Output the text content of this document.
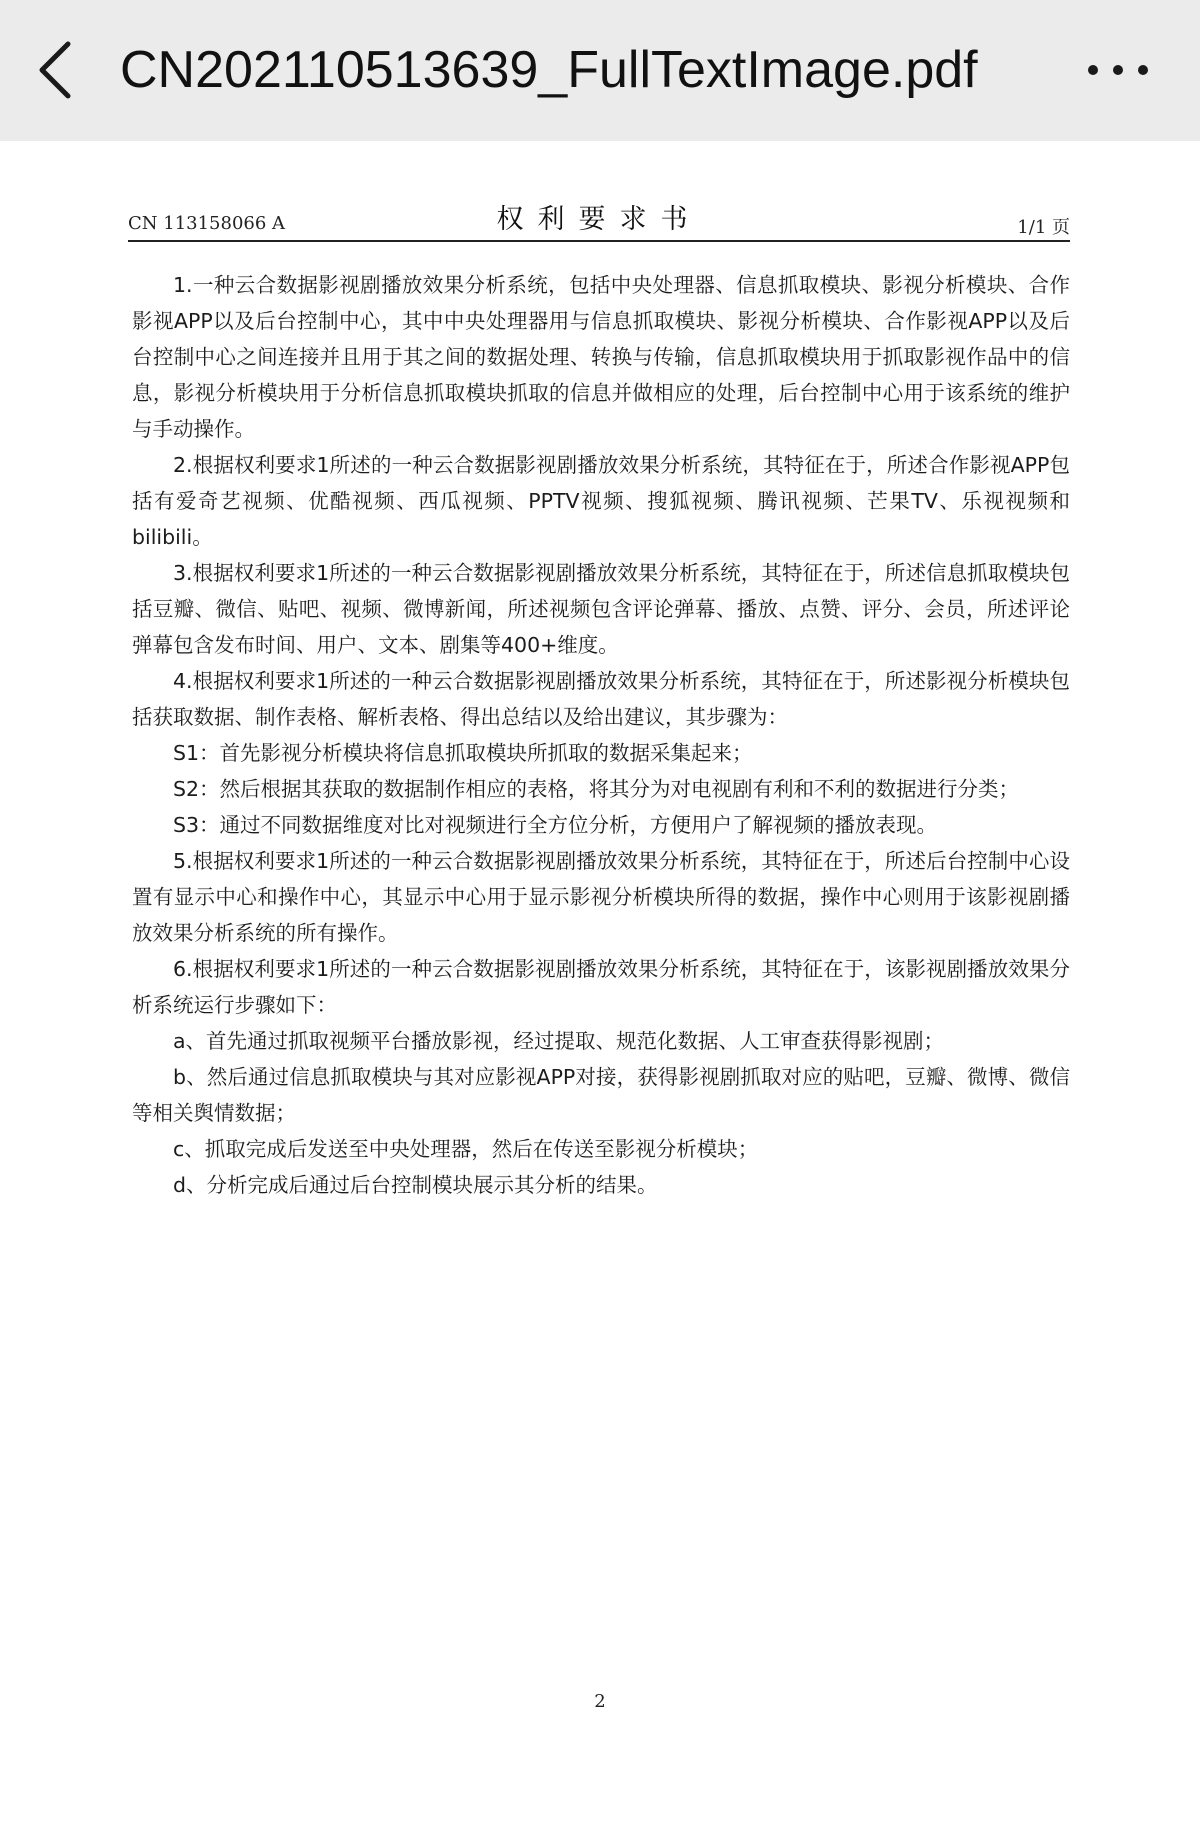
CN202110513639_FullTextImage.pdf
CN 113158066 A	权利要求书	1/1 页

1.一种云合数据影视剧播放效果分析系统，包括中央处理器、信息抓取模块、影视分析模块、合作影视APP以及后台控制中心，其中中央处理器用与信息抓取模块、影视分析模块、合作影视APP以及后台控制中心之间连接并且用于其之间的数据处理、转换与传输，信息抓取模块用于抓取影视作品中的信息，影视分析模块用于分析信息抓取模块抓取的信息并做相应的处理，后台控制中心用于该系统的维护与手动操作。

2.根据权利要求1所述的一种云合数据影视剧播放效果分析系统，其特征在于，所述合作影视APP包括有爱奇艺视频、优酷视频、西瓜视频、PPTV视频、搜狐视频、腾讯视频、芒果TV、乐视视频和bilibili。

3.根据权利要求1所述的一种云合数据影视剧播放效果分析系统，其特征在于，所述信息抓取模块包括豆瓣、微信、贴吧、视频、微博新闻，所述视频包含评论弹幕、播放、点赞、评分、会员，所述评论弹幕包含发布时间、用户、文本、剧集等400+维度。

4.根据权利要求1所述的一种云合数据影视剧播放效果分析系统，其特征在于，所述影视分析模块包括获取数据、制作表格、解析表格、得出总结以及给出建议，其步骤为：

S1：首先影视分析模块将信息抓取模块所抓取的数据采集起来；

S2：然后根据其获取的数据制作相应的表格，将其分为对电视剧有利和不利的数据进行分类；

S3：通过不同数据维度对比对视频进行全方位分析，方便用户了解视频的播放表现。

5.根据权利要求1所述的一种云合数据影视剧播放效果分析系统，其特征在于，所述后台控制中心设置有显示中心和操作中心，其显示中心用于显示影视分析模块所得的数据，操作中心则用于该影视剧播放效果分析系统的所有操作。

6.根据权利要求1所述的一种云合数据影视剧播放效果分析系统，其特征在于，该影视剧播放效果分析系统运行步骤如下：

a、首先通过抓取视频平台播放影视，经过提取、规范化数据、人工审查获得影视剧；

b、然后通过信息抓取模块与其对应影视APP对接，获得影视剧抓取对应的贴吧，豆瓣、微博、微信等相关舆情数据；

c、抓取完成后发送至中央处理器，然后在传送至影视分析模块；

d、分析完成后通过后台控制模块展示其分析的结果。

2
